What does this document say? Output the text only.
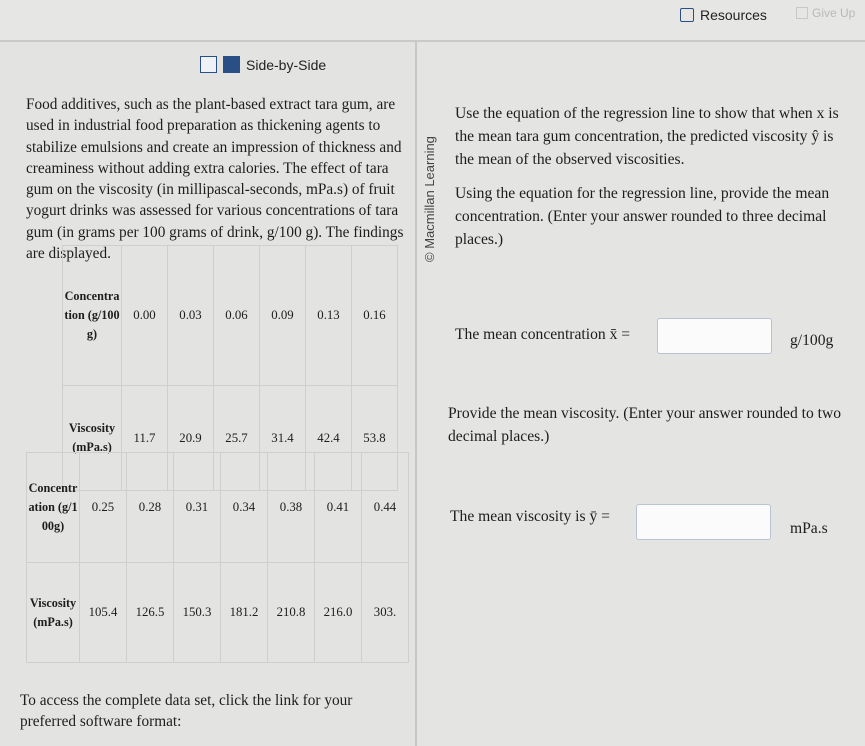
Resources	Give Up
Side-by-Side

Food additives, such as the plant-based extract tara gum, are used in industrial food preparation as thickening agents to stabilize emulsions and create an impression of thickness and creaminess without adding extra calories. The effect of tara gum on the viscosity (in millipascal-seconds, mPa.s) of fruit yogurt drinks was assessed for various concentrations of tara gum (in grams per 100 grams of drink, g/100 g). The findings are displayed.

Concentration (g/100g)	0.00	0.03	0.06	0.09	0.13	0.16

Viscosity (mPa.s)	11.7	20.9	25.7	31.4	42.4	53.8
Concentration (g/100g)	0.25	0.28	0.31	0.34	0.38	0.41	0.44

Viscosity (mPa.s)	105.4	126.5	150.3	181.2	210.8	216.0	303.

To access the complete data set, click the link for your preferred software format:

© Macmillan Learning

Use the equation of the regression line to show that when x is the mean tara gum concentration, the predicted viscosity ŷ is the mean of the observed viscosities.

Using the equation for the regression line, provide the mean concentration. (Enter your answer rounded to three decimal places.)

The mean concentration x̄ =	g/100g

Provide the mean viscosity. (Enter your answer rounded to two decimal places.)

The mean viscosity is ȳ =
mPa.s
